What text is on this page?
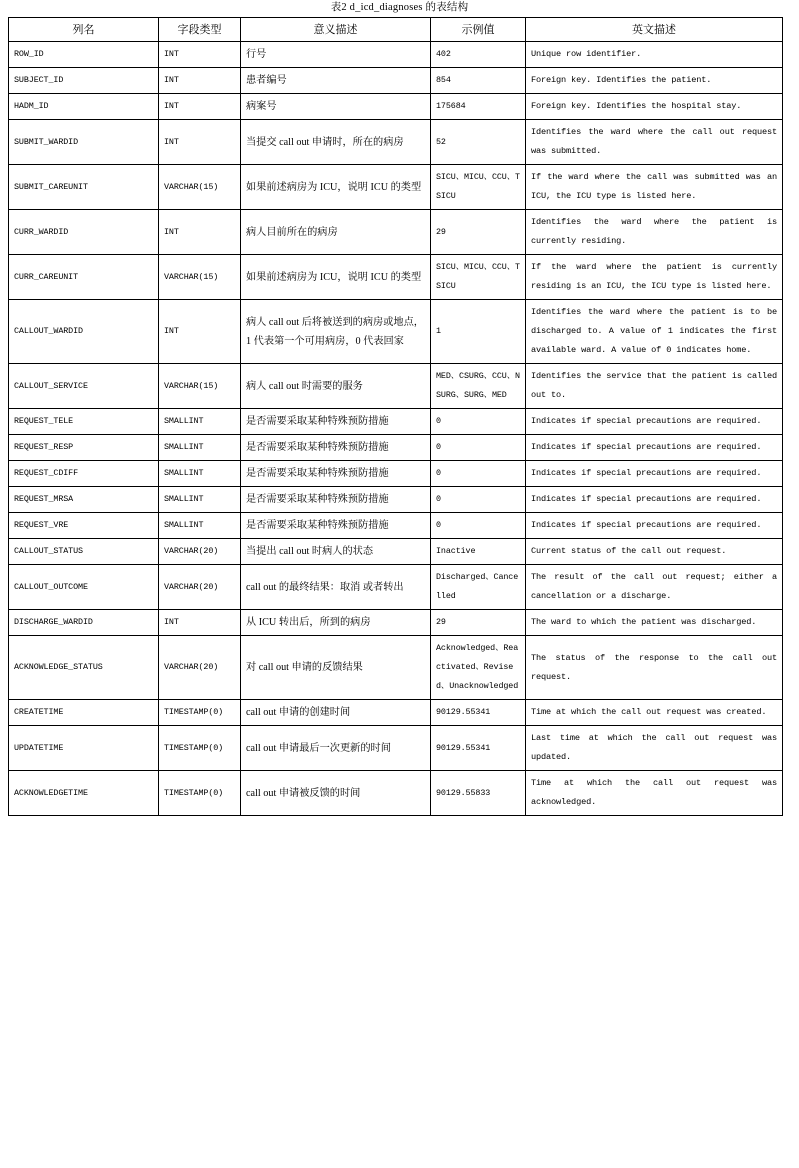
表2 d_icd_diagnoses 的表结构
列名	字段类型	意义描述	示例值	英文描述
ROW_ID	INT	行号	402	Unique row identifier.
SUBJECT_ID	INT	患者编号	854	Foreign key. Identifies the patient.
HADM_ID	INT	病案号	175684	Foreign key. Identifies the hospital stay.
SUBMIT_WARDID	INT	当提交 call out 申请时，所在的病房	52	Identifies the ward where the call out request was submitted.
SUBMIT_CAREUNIT	VARCHAR(15)	如果前述病房为 ICU，说明 ICU 的类型	SICU、MICU、CCU、TSICU	If the ward where the call was submitted was an ICU, the ICU type is listed here.
CURR_WARDID	INT	病人目前所在的病房	29	Identifies the ward where the patient is currently residing.
CURR_CAREUNIT	VARCHAR(15)	如果前述病房为 ICU，说明 ICU 的类型	SICU、MICU、CCU、TSICU	If the ward where the patient is currently residing is an ICU, the ICU type is listed here.
CALLOUT_WARDID	INT	病人 call out 后将被送到的病房或地点，1 代表第一个可用病房，0 代表回家	1	Identifies the ward where the patient is to be discharged to. A value of 1 indicates the first available ward. A value of 0 indicates home.
CALLOUT_SERVICE	VARCHAR(15)	病人 call out 时需要的服务	MED、CSURG、CCU、NSURG、SURG、MED	Identifies the service that the patient is called out to.
REQUEST_TELE	SMALLINT	是否需要采取某种特殊预防措施	0	Indicates if special precautions are required.
REQUEST_RESP	SMALLINT	是否需要采取某种特殊预防措施	0	Indicates if special precautions are required.
REQUEST_CDIFF	SMALLINT	是否需要采取某种特殊预防措施	0	Indicates if special precautions are required.
REQUEST_MRSA	SMALLINT	是否需要采取某种特殊预防措施	0	Indicates if special precautions are required.
REQUEST_VRE	SMALLINT	是否需要采取某种特殊预防措施	0	Indicates if special precautions are required.
CALLOUT_STATUS	VARCHAR(20)	当提出 call out 时病人的状态	Inactive	Current status of the call out request.
CALLOUT_OUTCOME	VARCHAR(20)	call out 的最终结果：取消 或者转出	Discharged、Cancelled	The result of the call out request; either a cancellation or a discharge.
DISCHARGE_WARDID	INT	从 ICU 转出后，所到的病房	29	The ward to which the patient was discharged.
ACKNOWLEDGE_STATUS	VARCHAR(20)	对 call out 申请的反馈结果	Acknowledged、Reactivated、Revised、Unacknowledged	The status of the response to the call out request.
CREATETIME	TIMESTAMP(0)	call out 申请的创建时间	90129.55341	Time at which the call out request was created.
UPDATETIME	TIMESTAMP(0)	call out 申请最后一次更新的时间	90129.55341	Last time at which the call out request was updated.
ACKNOWLEDGETIME	TIMESTAMP(0)	call out 申请被反馈的时间	90129.55833	Time at which the call out request was acknowledged.
